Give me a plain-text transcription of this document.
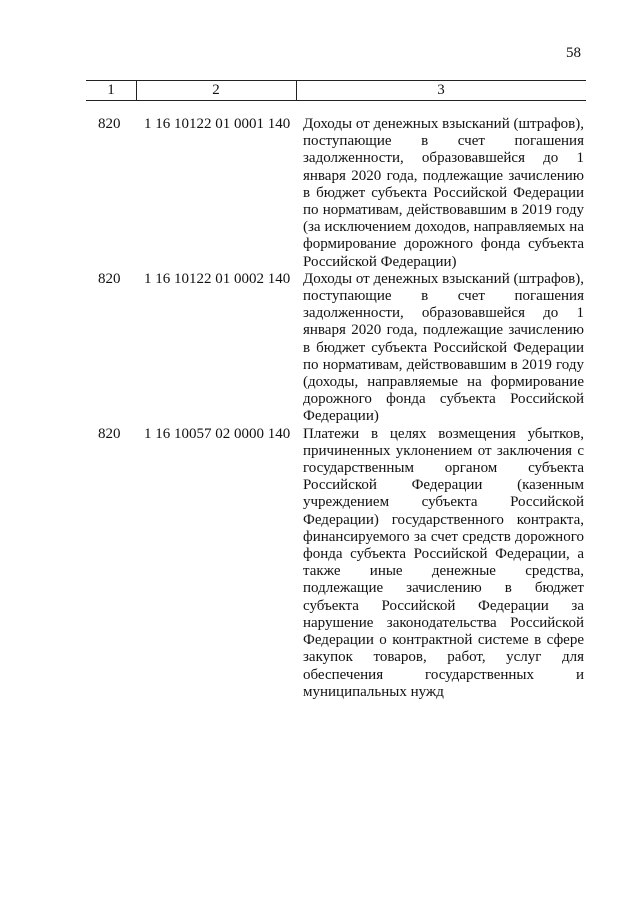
58
1	2	3
820	1 16 10122 01 0001 140 Доходы от денежных взысканий (штрафов), поступающие в счет погашения задолженности, образовавшейся до 1 января 2020 года, подлежащие зачислению в бюджет субъекта Российской Федерации по нормативам, действовавшим в 2019 году (за исключением доходов, направляемых на формирование дорожного фонда субъекта Российской Федерации)
820	1 16 10122 01 0002 140 Доходы от денежных взысканий (штрафов), поступающие в счет погашения задолженности, образовавшейся до 1 января 2020 года, подлежащие зачислению в бюджет субъекта Российской Федерации по нормативам, действовавшим в 2019 году (доходы, направляемые на формирование дорожного фонда субъекта Российской Федерации)
820	1 16 10057 02 0000 140 Платежи в целях возмещения убытков, причиненных уклонением от заключения с государственным органом субъекта Российской Федерации (казенным учреждением субъекта Российской Федерации) государственного контракта, финансируемого за счет средств дорожного фонда субъекта Российской Федерации, а также иные денежные средства, подлежащие зачислению в бюджет субъекта Российской Федерации за нарушение законодательства Российской Федерации о контрактной системе в сфере закупок товаров, работ, услуг для обеспечения государственных и муниципальных нужд
